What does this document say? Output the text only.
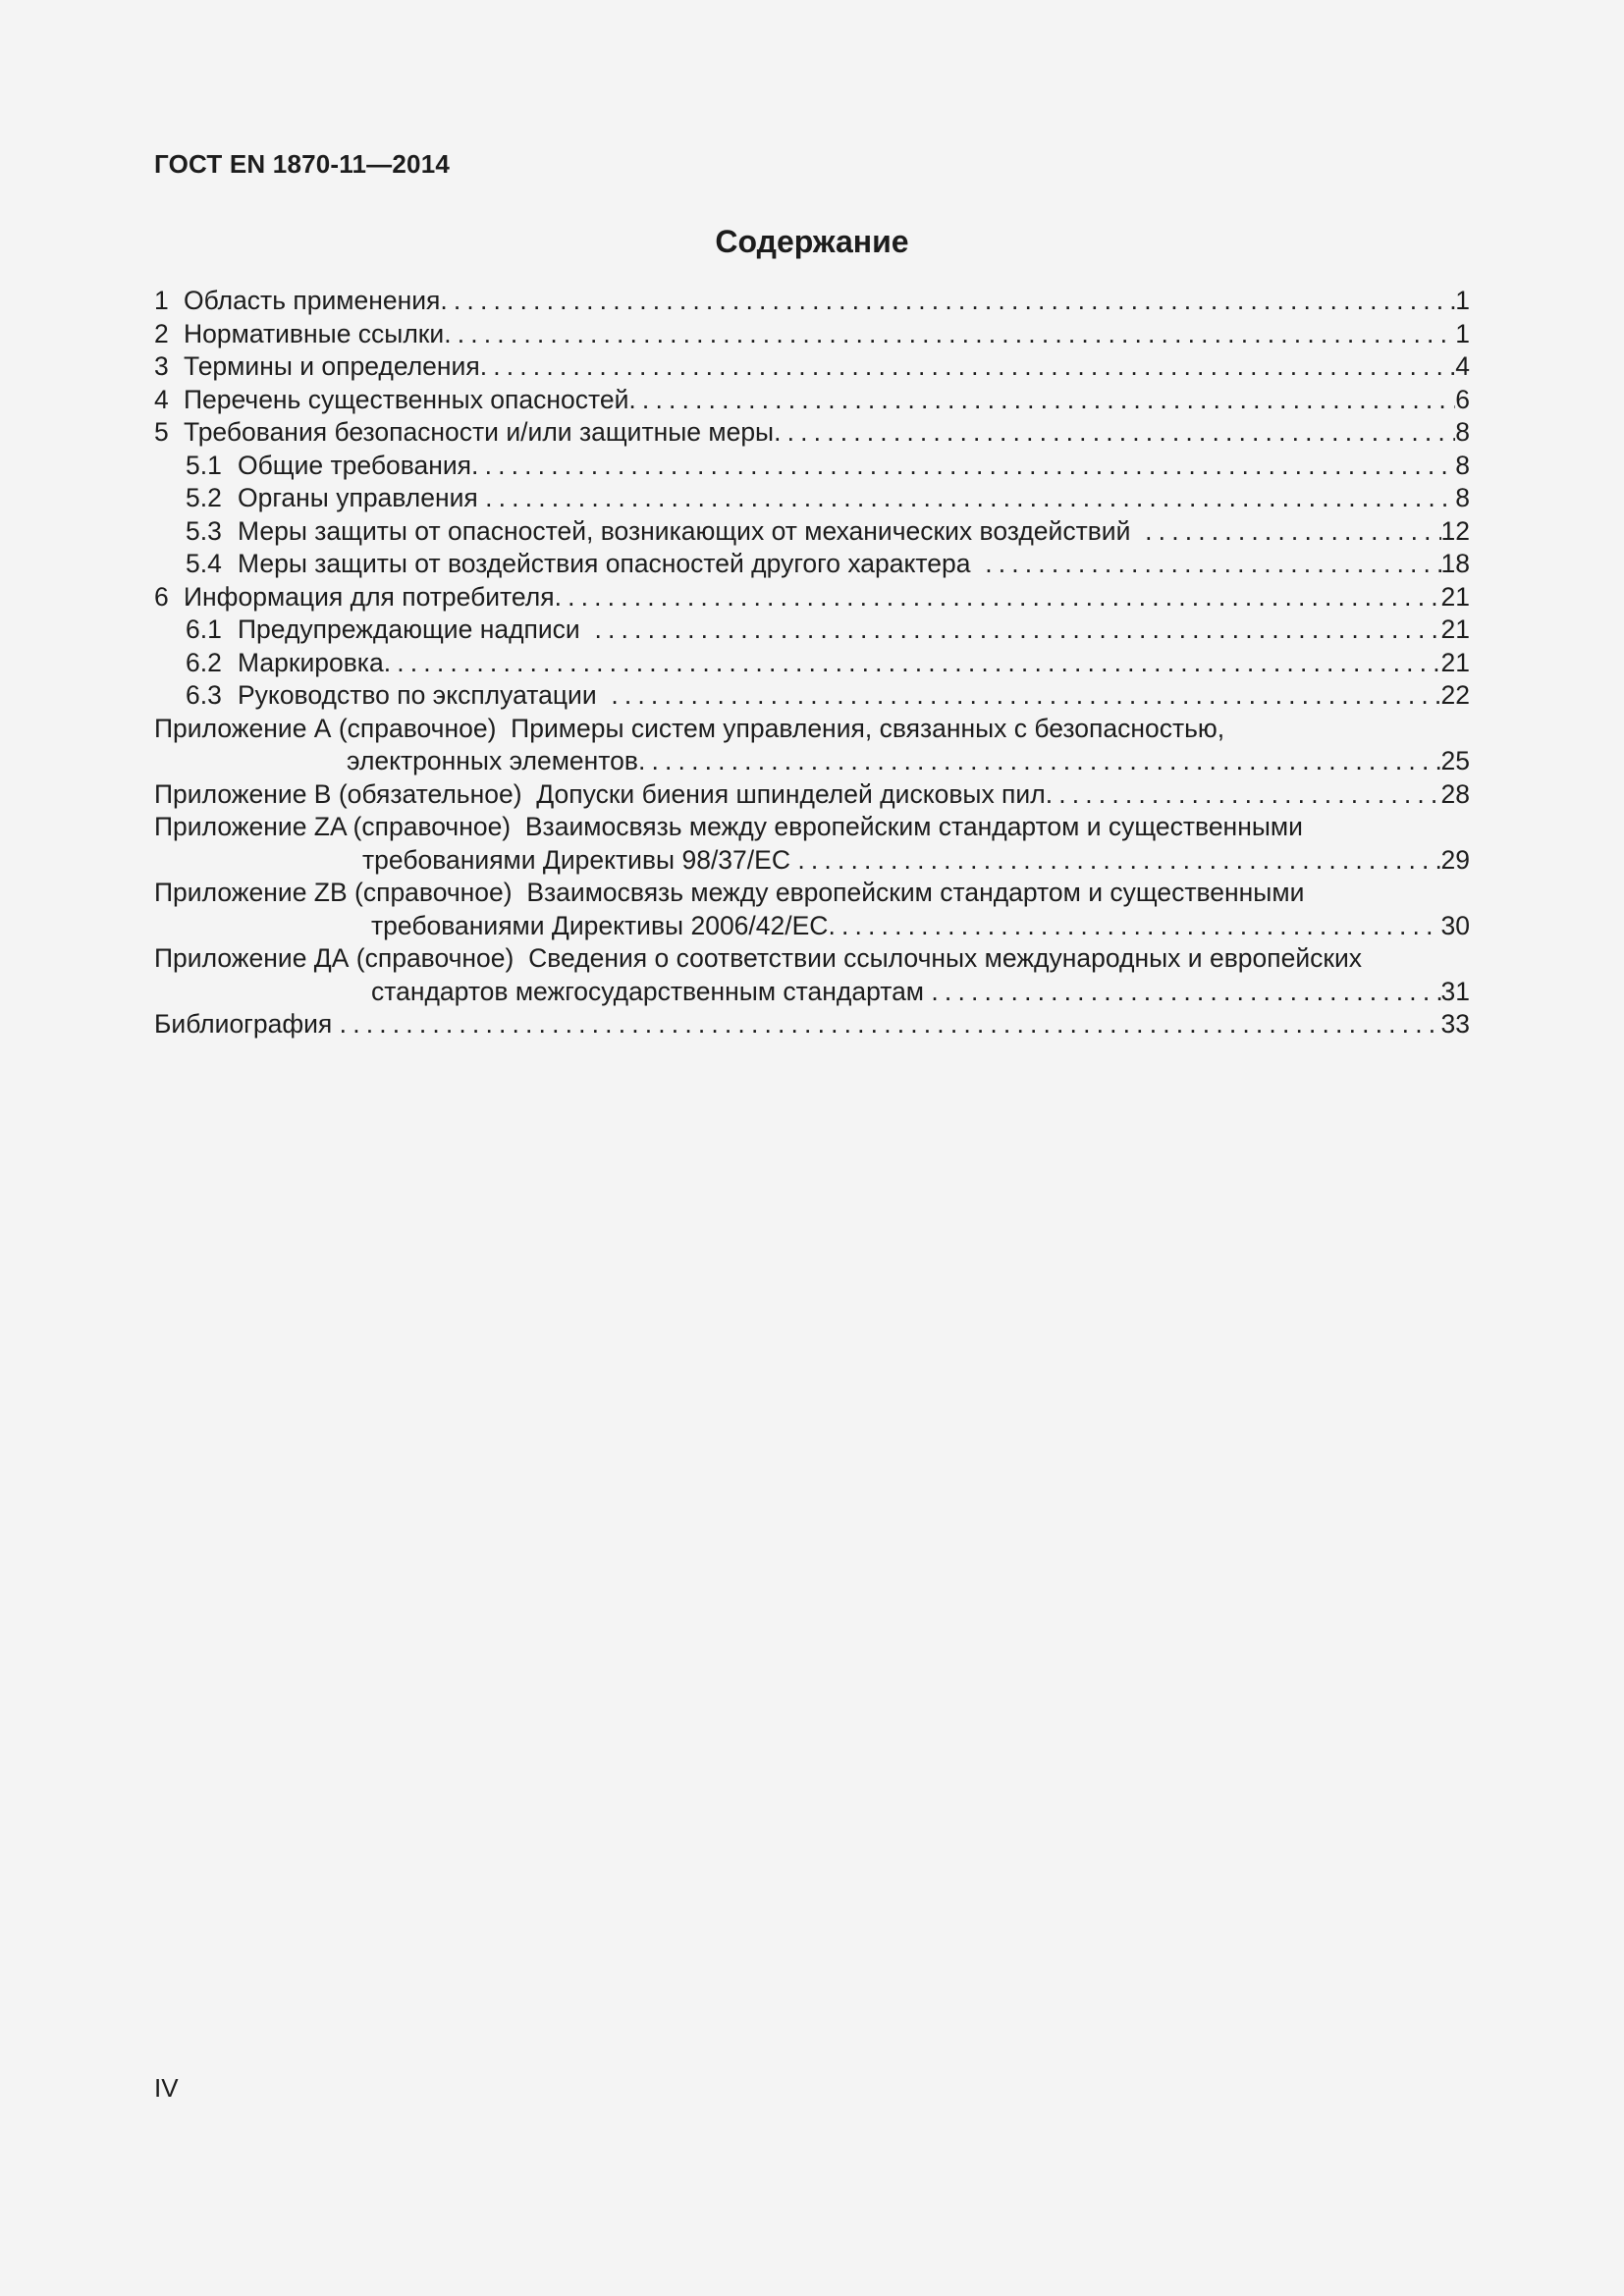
ГОСТ EN 1870-11—2014
Содержание
1 Область применения . . .	1
2 Нормативные ссылки . . .	1
3 Термины и определения . . .	4
4 Перечень существенных опасностей . . .	6
5 Требования безопасности и/или защитные меры . . .	8
5.1 Общие требования . . .	8
5.2 Органы управления . . .	8
5.3 Меры защиты от опасностей, возникающих от механических воздействий . . .	12
5.4 Меры защиты от воздействия опасностей другого характера . . .	18
6 Информация для потребителя . . .	21
6.1 Предупреждающие надписи . . .	21
6.2 Маркировка . . .	21
6.3 Руководство по эксплуатации . . .	22
Приложение А (справочное) Примеры систем управления, связанных с безопасностью,
электронных элементов . . .	25
Приложение В (обязательное) Допуски биения шпинделей дисковых пил . . .	28
Приложение ZA (справочное) Взаимосвязь между европейским стандартом и существенными
требованиями Директивы 98/37/ЕС . . .	29
Приложение ZB (справочное) Взаимосвязь между европейским стандартом и существенными
требованиями Директивы 2006/42/ЕС . . .	30
Приложение ДА (справочное) Сведения о соответствии ссылочных международных и европейских
стандартов межгосударственным стандартам . . .	31
Библиография . . .	33
IV
